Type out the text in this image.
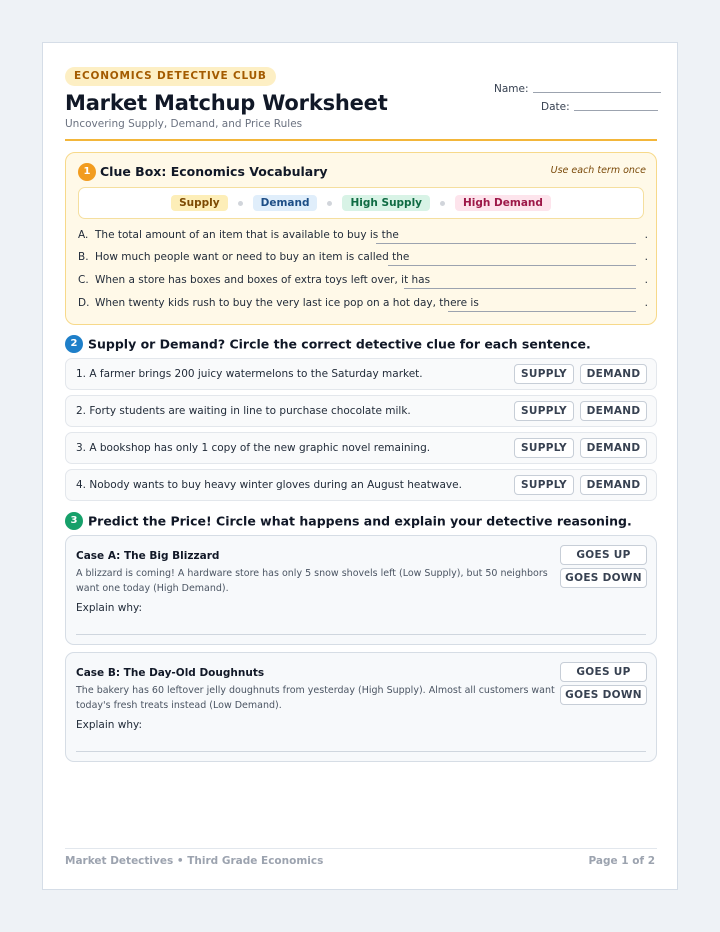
ECONOMICS DETECTIVE CLUB
Market Matchup Worksheet
Uncovering Supply, Demand, and Price Rules
Name:
Date:
1 Clue Box: Economics Vocabulary	Use each term once
Supply	Demand	High Supply	High Demand
A. The total amount of an item that is available to buy is the	.
B. How much people want or need to buy an item is called the	.
C. When a store has boxes and boxes of extra toys left over, it has	.
D. When twenty kids rush to buy the very last ice pop on a hot day, there is	.
2 Supply or Demand? Circle the correct detective clue for each sentence.
1. A farmer brings 200 juicy watermelons to the Saturday market.	SUPPLY	DEMAND
2. Forty students are waiting in line to purchase chocolate milk.	SUPPLY	DEMAND
3. A bookshop has only 1 copy of the new graphic novel remaining.	SUPPLY	DEMAND
4. Nobody wants to buy heavy winter gloves during an August heatwave.	SUPPLY	DEMAND
3 Predict the Price! Circle what happens and explain your detective reasoning.
Case A: The Big Blizzard
A blizzard is coming! A hardware store has only 5 snow shovels left (Low Supply), but 50 neighbors want one today (High Demand).
Explain why:
GOES UP
GOES DOWN
Case B: The Day-Old Doughnuts
The bakery has 60 leftover jelly doughnuts from yesterday (High Supply). Almost all customers want today's fresh treats instead (Low Demand).
Explain why:
GOES UP
GOES DOWN
Market Detectives • Third Grade Economics	Page 1 of 2
